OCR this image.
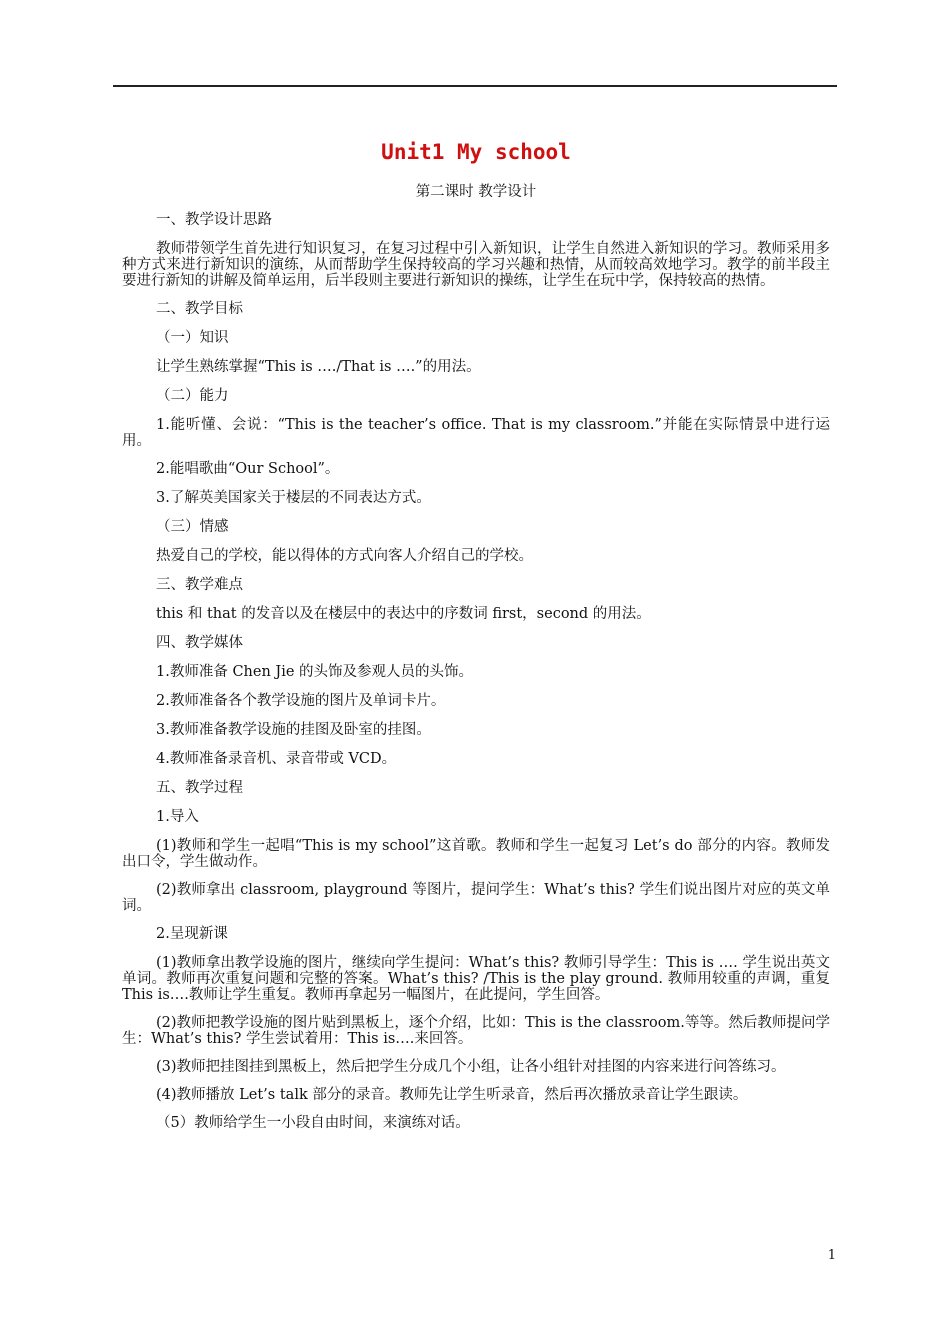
Unit1 My school
第二课时 教学设计
一、教学设计思路
教师带领学生首先进行知识复习，在复习过程中引入新知识，让学生自然进入新知识的学习。教师采用多种方式来进行新知识的演练，从而帮助学生保持较高的学习兴趣和热情，从而较高效地学习。教学的前半段主要进行新知的讲解及简单运用，后半段则主要进行新知识的操练，让学生在玩中学，保持较高的热情。
二、教学目标
（一）知识
让学生熟练掌握“This is ….∕That is ….”的用法。
（二）能力
1.能听懂、会说：“This is the teacher’s office. That is my classroom.”并能在实际情景中进行运用。
2.能唱歌曲“Our School”。
3.了解英美国家关于楼层的不同表达方式。
（三）情感
热爱自己的学校，能以得体的方式向客人介绍自己的学校。
三、教学难点
this 和 that 的发音以及在楼层中的表达中的序数词 first，second 的用法。
四、教学媒体
1.教师准备 Chen Jie 的头饰及参观人员的头饰。
2.教师准备各个教学设施的图片及单词卡片。
3.教师准备教学设施的挂图及卧室的挂图。
4.教师准备录音机、录音带或 VCD。
五、教学过程
1.导入
(1)教师和学生一起唱“This is my school”这首歌。教师和学生一起复习 Let’s do 部分的内容。教师发出口令，学生做动作。
(2)教师拿出 classroom, playground 等图片，提问学生：What’s this? 学生们说出图片对应的英文单词。
2.呈现新课
(1)教师拿出教学设施的图片，继续向学生提问：What’s this? 教师引导学生：This is …. 学生说出英文单词。教师再次重复问题和完整的答案。What’s this? ∕This is the play ground. 教师用较重的声调，重复 This is….教师让学生重复。教师再拿起另一幅图片，在此提问，学生回答。
(2)教师把教学设施的图片贴到黑板上，逐个介绍，比如：This is the classroom.等等。然后教师提问学生：What’s this? 学生尝试着用：This is….来回答。
(3)教师把挂图挂到黑板上，然后把学生分成几个小组，让各小组针对挂图的内容来进行问答练习。
(4)教师播放 Let’s talk 部分的录音。教师先让学生听录音，然后再次播放录音让学生跟读。
（5）教师给学生一小段自由时间，来演练对话。
1
